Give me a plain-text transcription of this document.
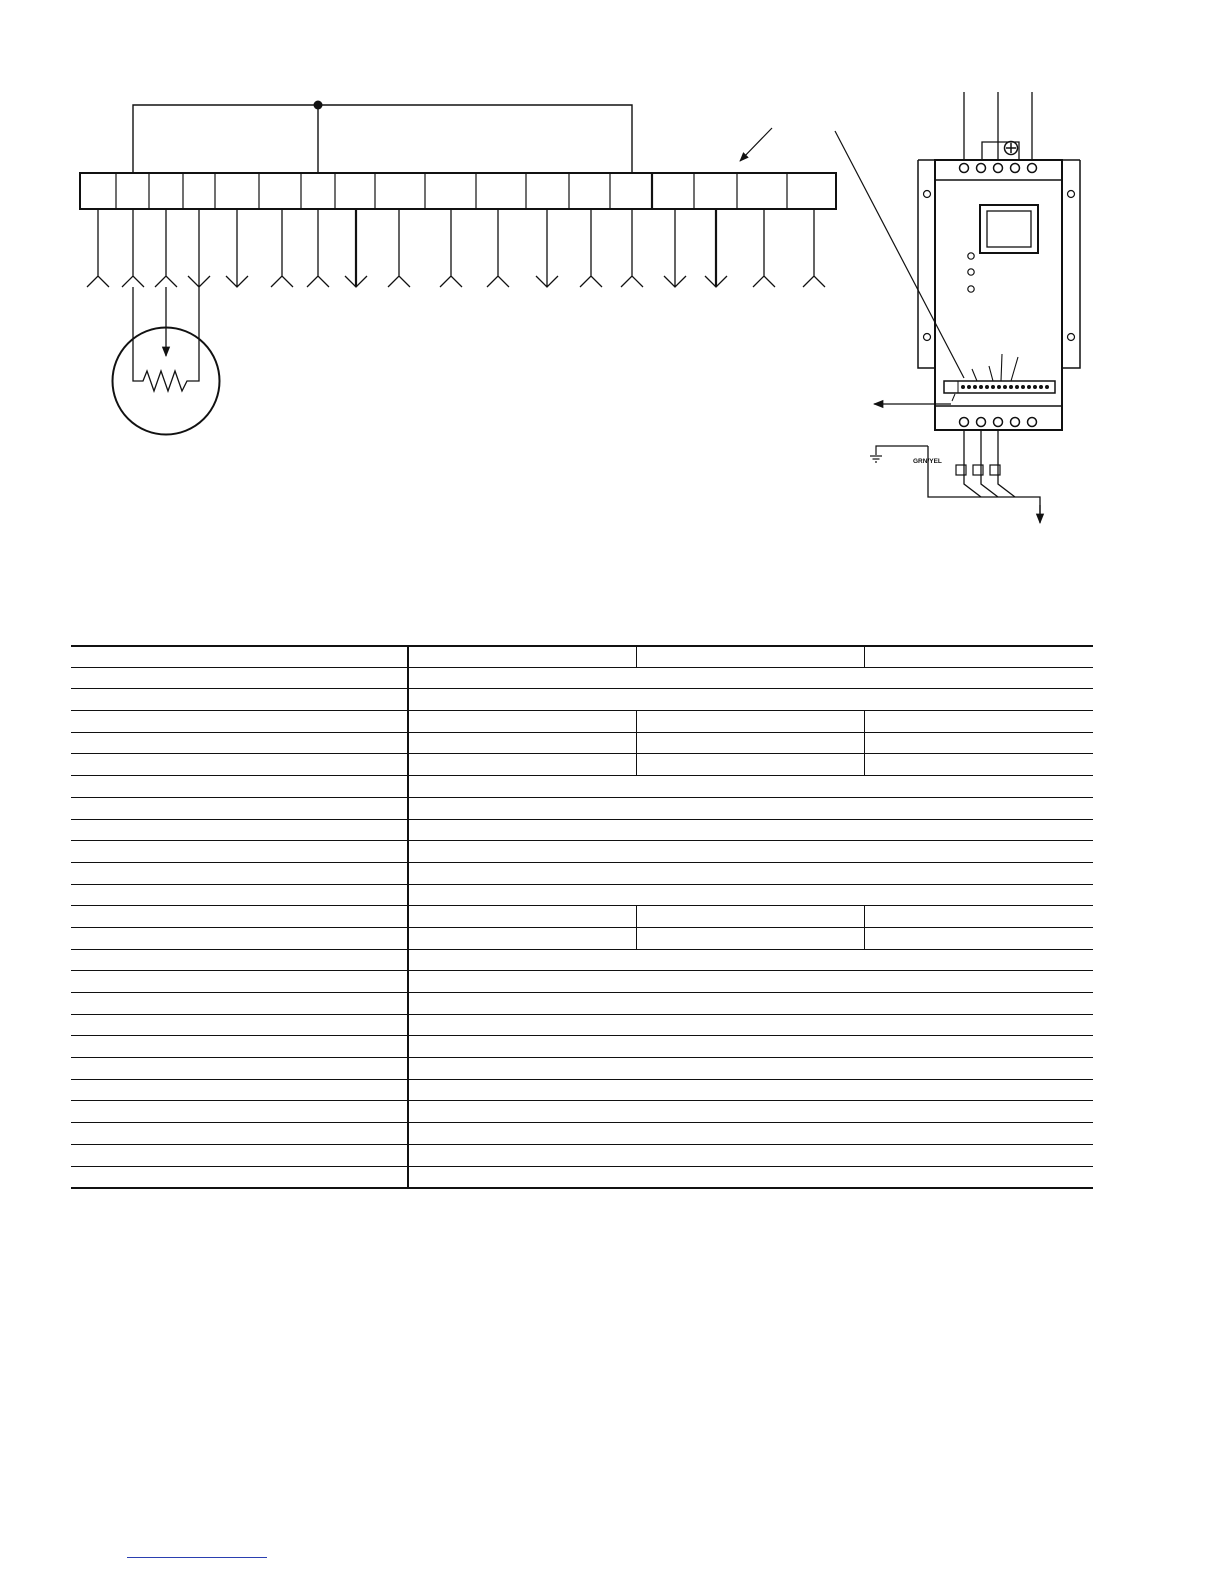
GRN/YEL
